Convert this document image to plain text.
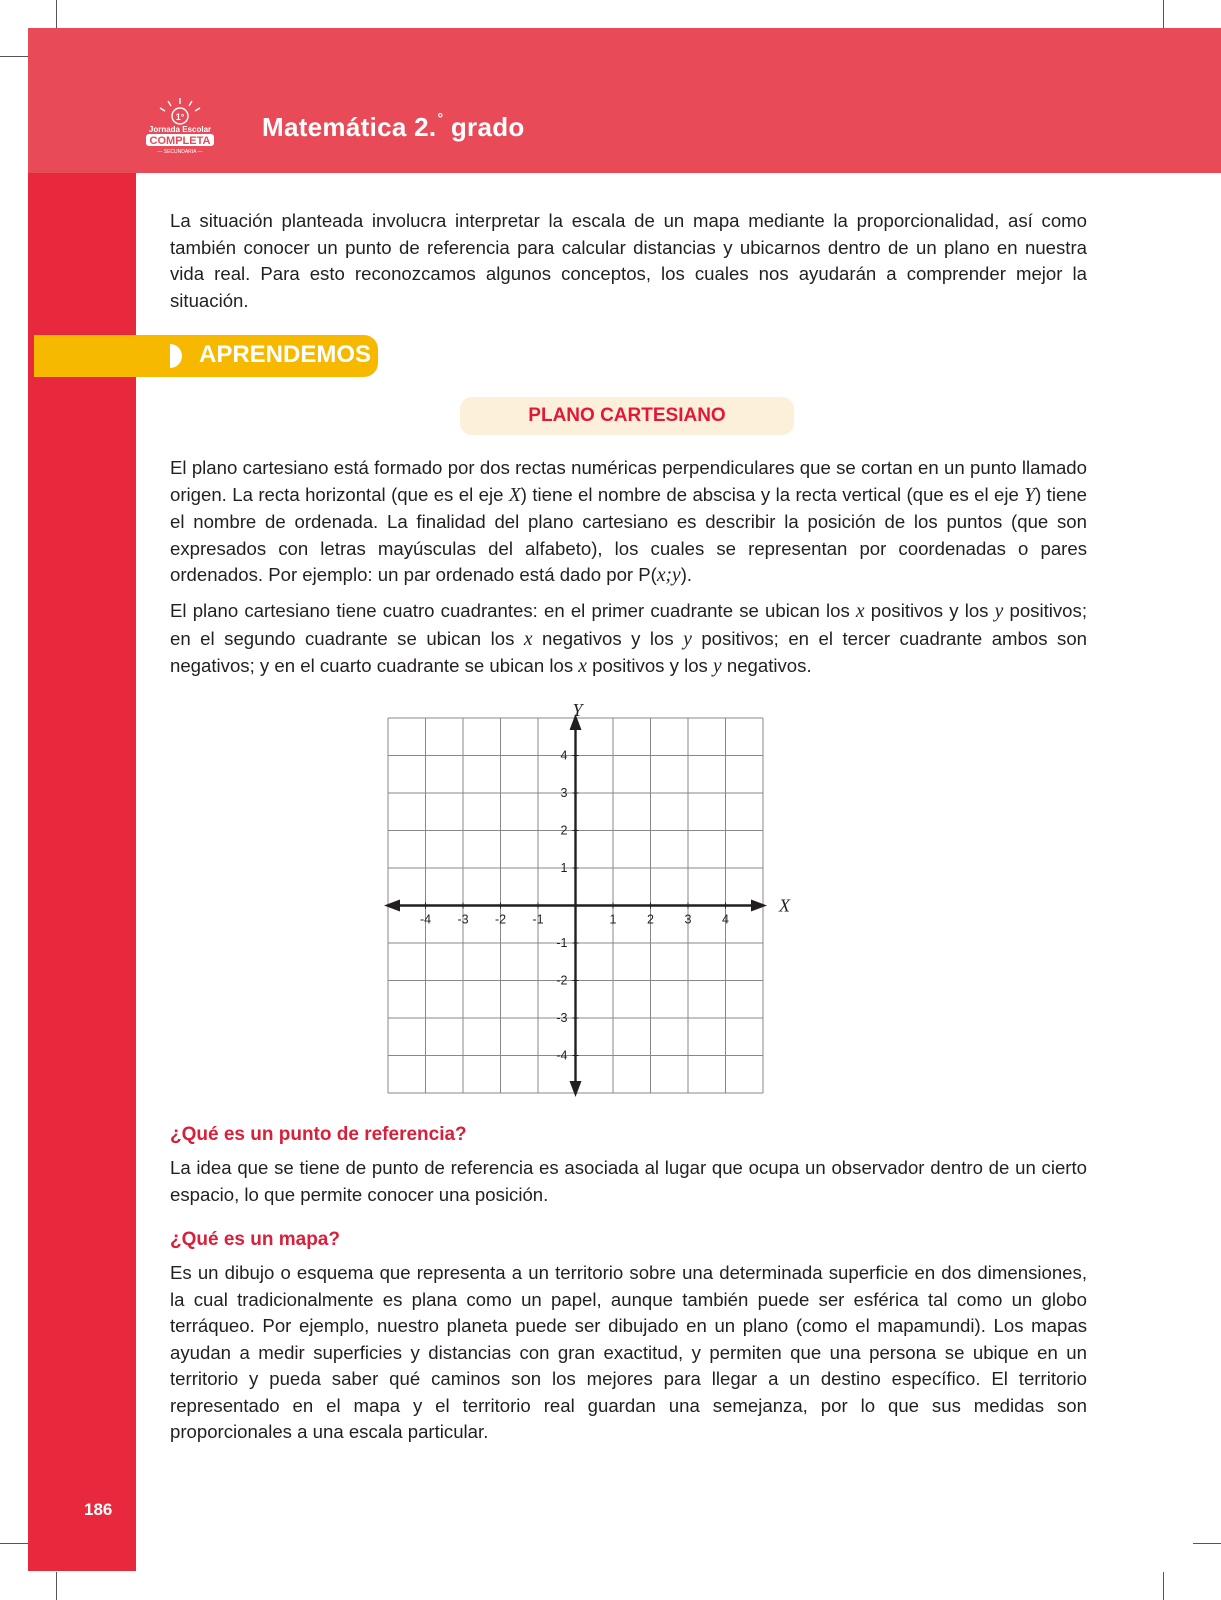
1°
Jornada Escolar
COMPLETA
— SECUNDARIA —
Matemática 2.° grado

La situación planteada involucra interpretar la escala de un mapa mediante la proporcionalidad, así como también conocer un punto de referencia para calcular distancias y ubicarnos dentro de un plano en nuestra vida real. Para esto reconozcamos algunos conceptos, los cuales nos ayudarán a comprender mejor la situación.

APRENDEMOS
PLANO CARTESIANO

El plano cartesiano está formado por dos rectas numéricas perpendiculares que se cortan en un punto llamado origen. La recta horizontal (que es el eje X) tiene el nombre de abscisa y la recta vertical (que es el eje Y) tiene el nombre de ordenada. La finalidad del plano cartesiano es describir la posición de los puntos (que son expresados con letras mayúsculas del alfabeto), los cuales se representan por coordenadas o pares ordenados. Por ejemplo: un par ordenado está dado por P(x;y).

El plano cartesiano tiene cuatro cuadrantes: en el primer cuadrante se ubican los x positivos y los y positivos; en el segundo cuadrante se ubican los x negativos y los y positivos; en el tercer cuadrante ambos son negativos; y en el cuarto cuadrante se ubican los x positivos y los y negativos.

-4 -3 -2 -1	1 2 3 4
4
3
2
1
-1
-2
-3
-4
X
Y

¿Qué es un punto de referencia?

La idea que se tiene de punto de referencia es asociada al lugar que ocupa un observador dentro de un cierto espacio, lo que permite conocer una posición.

¿Qué es un mapa?

Es un dibujo o esquema que representa a un territorio sobre una determinada superficie en dos dimensiones, la cual tradicionalmente es plana como un papel, aunque también puede ser esférica tal como un globo terráqueo. Por ejemplo, nuestro planeta puede ser dibujado en un plano (como el mapamundi). Los mapas ayudan a medir superficies y distancias con gran exactitud, y permiten que una persona se ubique en un territorio y pueda saber qué caminos son los mejores para llegar a un destino específico. El territorio representado en el mapa y el territorio real guardan una semejanza, por lo que sus medidas son proporcionales a una escala particular.

186
